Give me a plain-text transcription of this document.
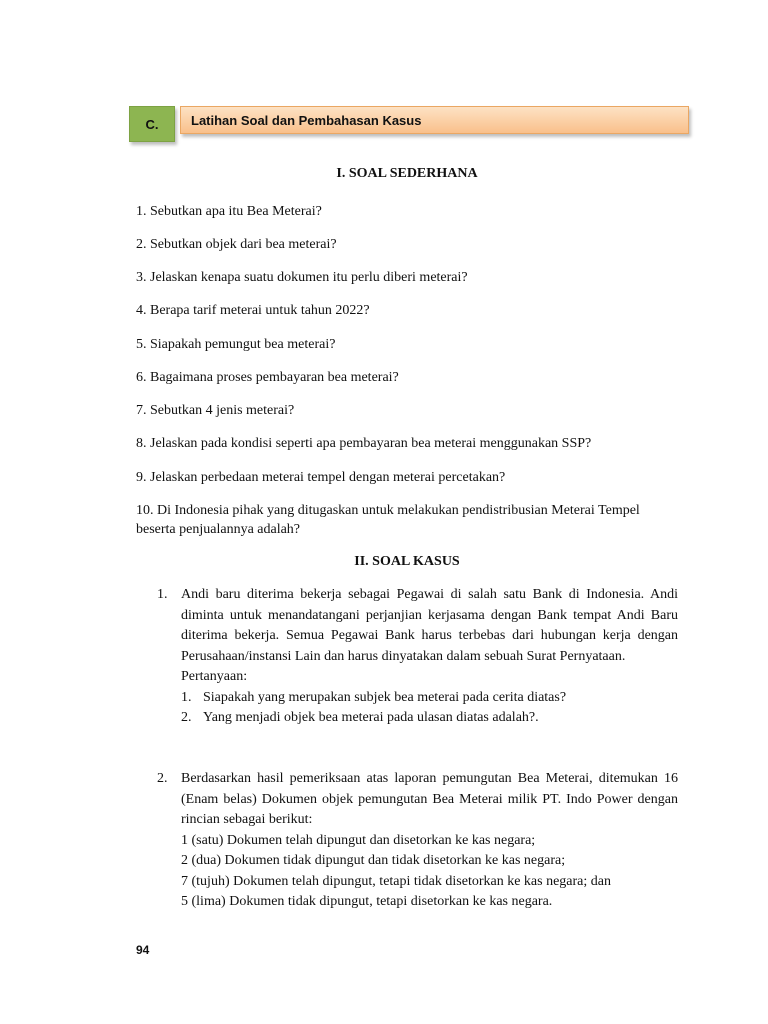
C.	Latihan Soal dan Pembahasan Kasus
I. SOAL SEDERHANA
1. Sebutkan apa itu Bea Meterai?
2. Sebutkan objek dari bea meterai?
3. Jelaskan kenapa suatu dokumen itu perlu diberi meterai?
4. Berapa tarif meterai untuk tahun 2022?
5. Siapakah pemungut bea meterai?
6. Bagaimana proses pembayaran bea meterai?
7. Sebutkan 4 jenis meterai?
8. Jelaskan pada kondisi seperti apa pembayaran bea meterai menggunakan SSP?
9. Jelaskan perbedaan meterai tempel dengan meterai percetakan?
10. Di Indonesia pihak yang ditugaskan untuk melakukan pendistribusian Meterai Tempel beserta penjualannya adalah?
II. SOAL KASUS
1. Andi baru diterima bekerja sebagai Pegawai di salah satu Bank di Indonesia. Andi diminta untuk menandatangani perjanjian kerjasama dengan Bank tempat Andi Baru diterima bekerja. Semua Pegawai Bank harus terbebas dari hubungan kerja dengan Perusahaan/instansi Lain dan harus dinyatakan dalam sebuah Surat Pernyataan.
Pertanyaan:
1. Siapakah yang merupakan subjek bea meterai pada cerita diatas?
2. Yang menjadi objek bea meterai pada ulasan diatas adalah?.
2. Berdasarkan hasil pemeriksaan atas laporan pemungutan Bea Meterai, ditemukan 16 (Enam belas) Dokumen objek pemungutan Bea Meterai milik PT. Indo Power dengan rincian sebagai berikut:
1 (satu) Dokumen telah dipungut dan disetorkan ke kas negara;
2 (dua) Dokumen tidak dipungut dan tidak disetorkan ke kas negara;
7 (tujuh) Dokumen telah dipungut, tetapi tidak disetorkan ke kas negara; dan
5 (lima) Dokumen tidak dipungut, tetapi disetorkan ke kas negara.
94
